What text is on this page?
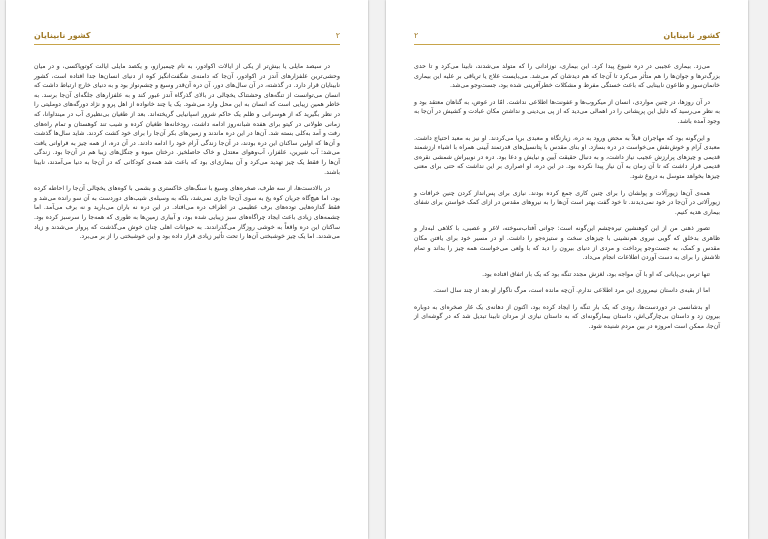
کشور نابینایان	۲

در سیصد مایلی یا بیش‌تر از یکی از ایالات اکوادور، به نام چیمبرازو، و یکصد مایلی ایالت کوتوپاکسی، و در میان وحشی‌ترین علفزارهای آندز در اکوادور، آن‌جا که دامنه‌ی شگفت‌انگیز کوه از دنیای انسان‌ها جدا افتاده است، کشور نابینایان قرار دارد. در گذشته، در آن سال‌های دور، آن دره آن‌قدر وسیع و چشم‌نواز بود و به دنیای خارج ارتباط داشت که انسان می‌توانست از تنگه‌های وحشتناک یخچالی در بالای گذرگاه آندز عبور کند و به علفزارهای جلگه‌ای آن‌جا برسد. به خاطر همین زیبایی است که انسان به این محل وارد می‌شود. یک یا چند خانواده از اهل پرو و نژاد دورگه‌های دوملیتی را در نظر بگیرید که از هوسرانی و ظلم یک حاکم شرور اسپانیایی گریخته‌اند. بعد از طغیان بی‌نظیری آب در مینداوانا، که زمانی طولانی در کیتو برای هفده شبانه‌روز ادامه داشت، رودخانه‌ها طغیان کرده و شیب تند کوهستان و تمام راه‌های رفت و آمد به‌کلی بسته شد. آن‌ها در این دره ماندند و زمین‌های بکر آن‌جا را برای خود کشت کردند. شاید سال‌ها گذشت و آن‌ها که اولین ساکنان این دره بودند، در آن‌جا زندگی آرام خود را ادامه دادند. در آن دره، از همه چیز به فراوانی یافت می‌شد: آب شیرین، علفزار، آب‌وهوای معتدل و خاک حاصلخیز. درختان میوه و جنگل‌های زیبا هم در آن‌جا بود. زندگی آن‌ها را فقط یک چیز تهدید می‌کرد و آن بیماری‌ای بود که باعث شد همه‌ی کودکانی که در آن‌جا به دنیا می‌آمدند، نابینا باشند.

در بالادست‌ها، از سه طرف، صخره‌های وسیع با سنگ‌های خاکستری و بشمی با کوه‌های یخچالی آن‌جا را احاطه کرده بود، اما هیچ‌گاه جریان کوه یخ به سوی آن‌جا جاری نمی‌شد، بلکه به وسیله‌ی شیب‌های دوردست به آن سو رانده می‌شد و فقط گدازه‌هایی توده‌های برف عظیمی در اطراف دره می‌افتاد. در این دره نه باران می‌بارید و نه برف می‌آمد. اما چشمه‌های زیادی باعث ایجاد چراگاه‌های سبز زیبایی شده بود، و آبیاری زمین‌ها به طوری که همه‌جا را سرسبز کرده بود. ساکنان این دره واقعاً به خوشی روزگار می‌گذراندند. به حیوانات اهلی چنان خوش می‌گذشت که پروار می‌شدند و زیاد می‌شدند. اما یک چیز خوشبختی آن‌ها را تحت تأثیر زیادی قرار داده بود و این خوشبختی را از بر می‌برد.

کشور نابینایان
۲

می‌زد. بیماری عجیبی در دره شیوع پیدا کرد. این بیماری، نوزادانی را که متولد می‌شدند، نابینا می‌کرد و تا حدی بزرگ‌ترها و جوان‌ها را هم متأثر می‌کرد تا آن‌جا که هم دیدشان کم می‌شد. می‌بایست علاج یا تریاقی بر علیه این بیماری خانمان‌سوز و طاعون نابینایی که باعث خستگی مفرط و مشکلات خطرآفرینی شده بود، جست‌وجو می‌شد.

در آن روزها، در چنین مواردی، انسان از میکروب‌ها و عفونت‌ها اطلاعی نداشت. امّا در عوض، به گناهان معتقد بود و به نظر می‌رسید که دلیل این پریشانی را در اهمالی می‌دید که از پی بی‌دینی و نداشتن مکان عبادت و کشیش در آن‌جا به وجود آمده باشد.

و این‌گونه بود که مهاجران قبلاً به محض ورود به دره، زیارتگاه و معبدی برپا می‌کردند. او نیز به معبد احتیاج داشت. معبدی آرام و خوش‌نقش می‌خواست در دره بسازد. او بنای مقدس با پتانسیل‌های قدرتمند آیینی همراه با اشیاء ارزشمند قدیمی و چیزهای پرارزش عجیب نیاز داشت، و به دنبال حقیقت آیین و نیایش و دعا بود. دره در نوبیراش شمشی نقره‌ی قدیمی قرار داشت که تا آن زمان به آن نیاز پیدا نکرده بود. در این دره، او اصراری بر این نداشت که حتی برای معنی چیزها بخواهد متوسل به دروغ شود.

همه‌ی آن‌ها زیورآلات و پولشان را برای چنین کاری جمع کرده بودند. نیازی برای پس‌انداز کردن چنین خرافات و زیورآلاتی در آن‌جا در خود نمی‌دیدند. تا خود گفت بهتر است آن‌ها را به نیروهای مقدس در ازای کمک خواستن برای شفای بیماری هدیه کنیم.

تصور ذهنی من از این کوهنشین تیره‌چشم این‌گونه است: جوانی آفتاب‌سوخته، لاغر و عصبی، با کلاهی لبه‌دار و ظاهری بدخلق که گویی نیروی هم‌نشینی با چیزهای سخت و ستیزه‌جو را داشت. او در مسیر خود برای یافتن مکان مقدس و کمک، به جست‌وجو پرداخت و مردی از دنیای بیرون را دید که با ولعی می‌خواست همه چیز را بداند و تمام تلاشش را برای به دست آوردن اطلاعات انجام می‌داد.

تنها ترس بی‌پایانی که او با آن مواجه بود، لغزش مجدد تنگه بود که یک بار اتفاق افتاده بود.

اما از بقیه‌ی داستان نیمروزی این مرد اطلاعی ندارم. آن‌چه مانده است، مرگ ناگوار او بعد از چند سال است.

او بدشانسی در دوردست‌ها، رودی که یک بار تنگه را ایجاد کرده بود، اکنون از دهانه‌ی یک غار صخره‌ای به دوباره بیرون زد و داستان بی‌چارگی‌اش، داستان بیمارگونه‌ای که به داستان نیازی از مردان نابینا تبدیل شد که در گوشه‌ای از آن‌جا، ممکن است امروزه در بین مردم شنیده شود.
